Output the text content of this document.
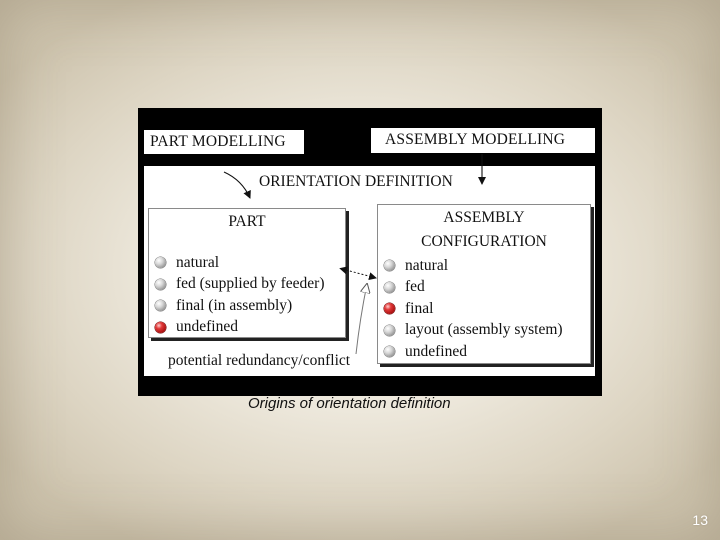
PART MODELLING	ASSEMBLY MODELLING
ORIENTATION DEFINITION
PART
natural
fed (supplied by feeder)
final (in assembly)
undefined
ASSEMBLY
CONFIGURATION
natural
fed
final
layout (assembly system)
undefined
potential redundancy/conflict
Origins of orientation definition
13
